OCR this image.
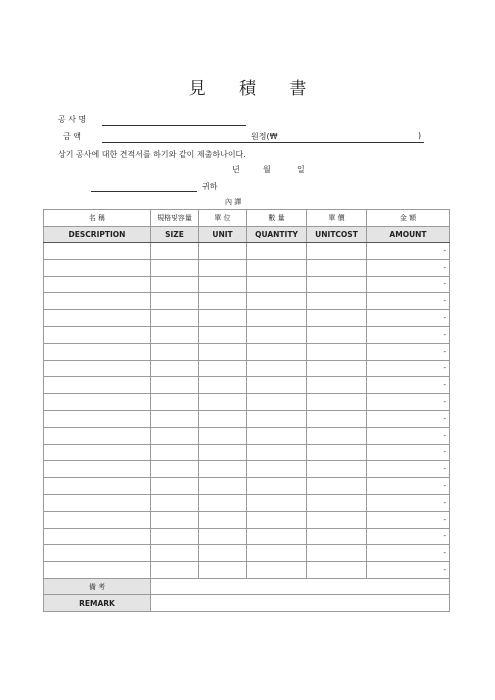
見 積 書
공 사 명
금 액	원정(₩	)
상기 공사에 대한 견적서를 하기와 같이 제출하나이다.
년	월	일
귀하
內 譯
名 稱	規格및容量	單 位	數 量	單 價	金 額
DESCRIPTION	SIZE	UNIT	QUANTITY	UNITCOST	AMOUNT
					-
					-
					-
					-
					-
					-
					-
					-
					-
					-
					-
					-
					-
					-
					-
					-
					-
					-
					-
					-
備 考					
REMARK					
